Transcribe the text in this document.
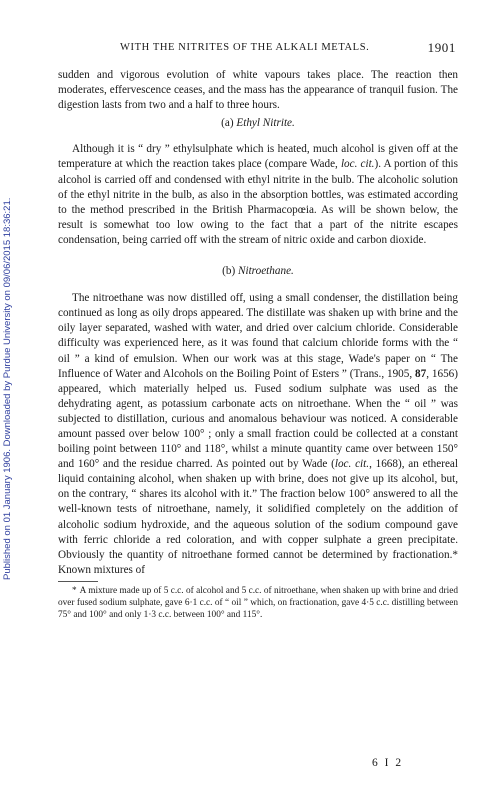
Published on 01 January 1906. Downloaded by Purdue University on 09/06/2015 18:36:21.
WITH THE NITRITES OF THE ALKALI METALS.	1901

sudden and vigorous evolution of white vapours takes place. The reaction then moderates, effervescence ceases, and the mass has the appearance of tranquil fusion. The digestion lasts from two and a half to three hours.

(a) Ethyl Nitrite.

Although it is “ dry ” ethylsulphate which is heated, much alcohol is given off at the temperature at which the reaction takes place (compare Wade, loc. cit.). A portion of this alcohol is carried off and condensed with ethyl nitrite in the bulb. The alcoholic solution of the ethyl nitrite in the bulb, as also in the absorption bottles, was estimated according to the method prescribed in the British Pharmacopœia. As will be shown below, the result is somewhat too low owing to the fact that a part of the nitrite escapes condensation, being carried off with the stream of nitric oxide and carbon dioxide.

(b) Nitroethane.

The nitroethane was now distilled off, using a small condenser, the distillation being continued as long as oily drops appeared. The distillate was shaken up with brine and the oily layer separated, washed with water, and dried over calcium chloride. Considerable difficulty was experienced here, as it was found that calcium chloride forms with the “ oil ” a kind of emulsion. When our work was at this stage, Wade's paper on “ The Influence of Water and Alcohols on the Boiling Point of Esters ” (Trans., 1905, 87, 1656) appeared, which materially helped us. Fused sodium sulphate was used as the dehydrating agent, as potassium carbonate acts on nitroethane. When the “ oil ” was subjected to distillation, curious and anomalous behaviour was noticed. A considerable amount passed over below 100° ; only a small fraction could be collected at a constant boiling point between 110° and 118°, whilst a minute quantity came over between 150° and 160° and the residue charred. As pointed out by Wade (loc. cit., 1668), an ethereal liquid containing alcohol, when shaken up with brine, does not give up its alcohol, but, on the contrary, “ shares its alcohol with it.” The fraction below 100° answered to all the well-known tests of nitroethane, namely, it solidified completely on the addition of alcoholic sodium hydroxide, and the aqueous solution of the sodium compound gave with ferric chloride a red coloration, and with copper sulphate a green precipitate. Obviously the quantity of nitroethane formed cannot be determined by fractionation.* Known mixtures of

* A mixture made up of 5 c.c. of alcohol and 5 c.c. of nitroethane, when shaken up with brine and dried over fused sodium sulphate, gave 6·1 c.c. of “ oil ” which, on fractionation, gave 4·5 c.c. distilling between 75° and 100° and only 1·3 c.c. between 100° and 115°.

6 I 2
